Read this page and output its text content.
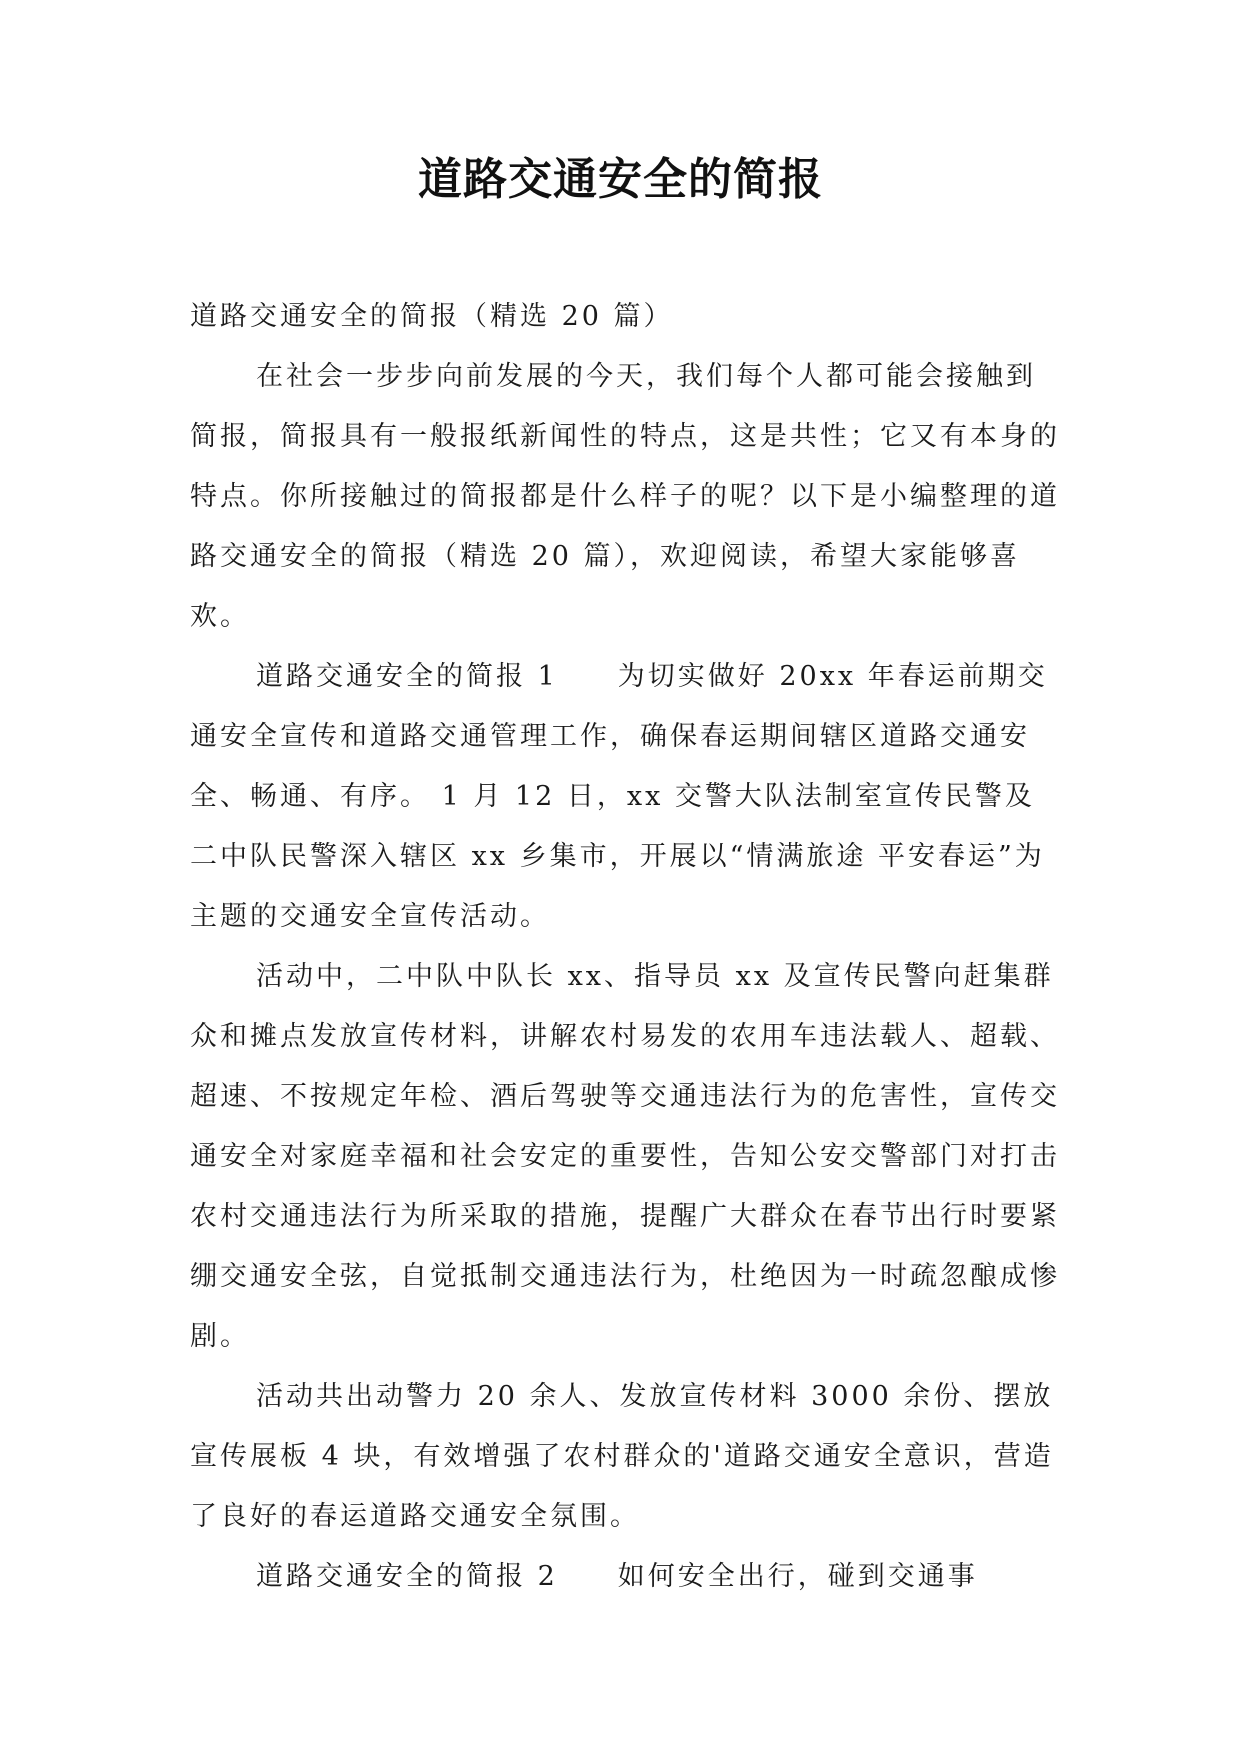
道路交通安全的简报

道路交通安全的简报（精选 20 篇）

在社会一步步向前发展的今天，我们每个人都可能会接触到简报，简报具有一般报纸新闻性的特点，这是共性；它又有本身的特点。你所接触过的简报都是什么样子的呢？以下是小编整理的道路交通安全的简报（精选 20 篇），欢迎阅读，希望大家能够喜欢。

道路交通安全的简报 1　　为切实做好 20xx 年春运前期交通安全宣传和道路交通管理工作，确保春运期间辖区道路交通安全、畅通、有序。 1 月 12 日，xx 交警大队法制室宣传民警及二中队民警深入辖区 xx 乡集市，开展以“情满旅途 平安春运”为主题的交通安全宣传活动。

活动中，二中队中队长 xx、指导员 xx 及宣传民警向赶集群众和摊点发放宣传材料，讲解农村易发的农用车违法载人、超载、超速、不按规定年检、酒后驾驶等交通违法行为的危害性，宣传交通安全对家庭幸福和社会安定的重要性，告知公安交警部门对打击农村交通违法行为所采取的措施，提醒广大群众在春节出行时要紧绷交通安全弦，自觉抵制交通违法行为，杜绝因为一时疏忽酿成惨剧。

活动共出动警力 20 余人、发放宣传材料 3000 余份、摆放宣传展板 4 块，有效增强了农村群众的'道路交通安全意识，营造了良好的春运道路交通安全氛围。

道路交通安全的简报 2　　如何安全出行，碰到交通事
